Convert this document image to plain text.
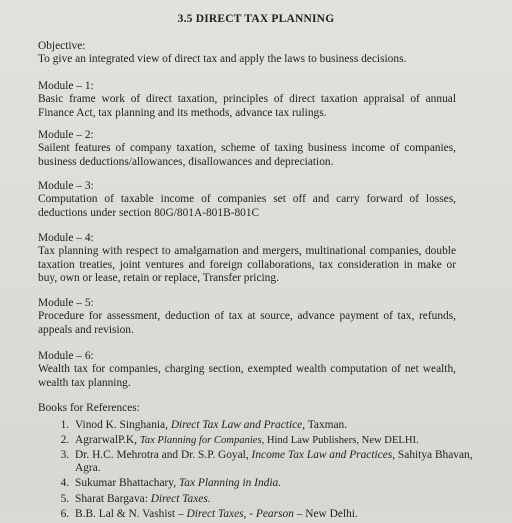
3.5 DIRECT TAX PLANNING

Objective:

To give an integrated view of direct tax and apply the laws to business decisions.

Module – 1:

Basic frame work of direct taxation, principles of direct taxation appraisal of annual Finance Act, tax planning and its methods, advance tax rulings.

Module – 2:

Sailent features of company taxation, scheme of taxing business income of companies, business deductions/allowances, disallowances and depreciation.

Module – 3:

Computation of taxable income of companies set off and carry forward of losses, deductions under section 80G/801A-801B-801C

Module – 4:

Tax planning with respect to amalgamation and mergers, multinational companies, double taxation treaties, joint ventures and foreign collaborations, tax consideration in make or buy, own or lease, retain or replace, Transfer pricing.

Module – 5:

Procedure for assessment, deduction of tax at source, advance payment of tax, refunds, appeals and revision.

Module – 6:

Wealth tax for companies, charging section, exempted wealth computation of net wealth, wealth tax planning.

Books for References:

1. Vinod K. Singhania, Direct Tax Law and Practice, Taxman.
2. AgrarwalP.K, Tax Planning for Companies, Hind Law Publishers, New DELHI.
3. Dr. H.C. Mehrotra and Dr. S.P. Goyal, Income Tax Law and Practices, Sahitya Bhavan, Agra.
4. Sukumar Bhattachary, Tax Planning in India.
5. Sharat Bargava: Direct Taxes.
6. B.B. Lal & N. Vashist – Direct Taxes, - Pearson – New Delhi.
